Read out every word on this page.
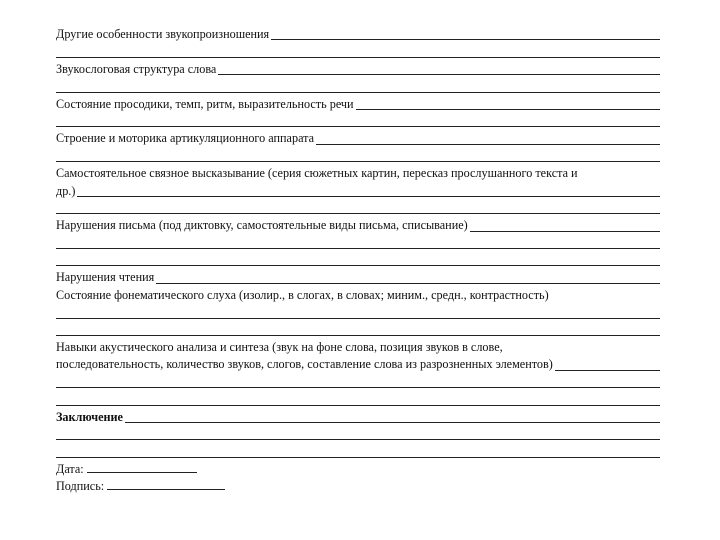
Другие особенности звукопроизношения
Звукослоговая структура слова
Состояние просодики, темп, ритм, выразительность речи
Строение и моторика артикуляционного аппарата
Самостоятельное связное высказывание (серия сюжетных картин, пересказ прослушанного текста и
др.)
Нарушения письма (под диктовку, самостоятельные виды письма, списывание)
Нарушения чтения
Состояние фонематического слуха (изолир., в слогах, в словах; миним., средн., контрастность)
Навыки акустического анализа и синтеза (звук на фоне слова, позиция звуков в слове,
последовательность, количество звуков, слогов, составление слова из разрозненных элементов)
Заключение
Дата:
Подпись:
